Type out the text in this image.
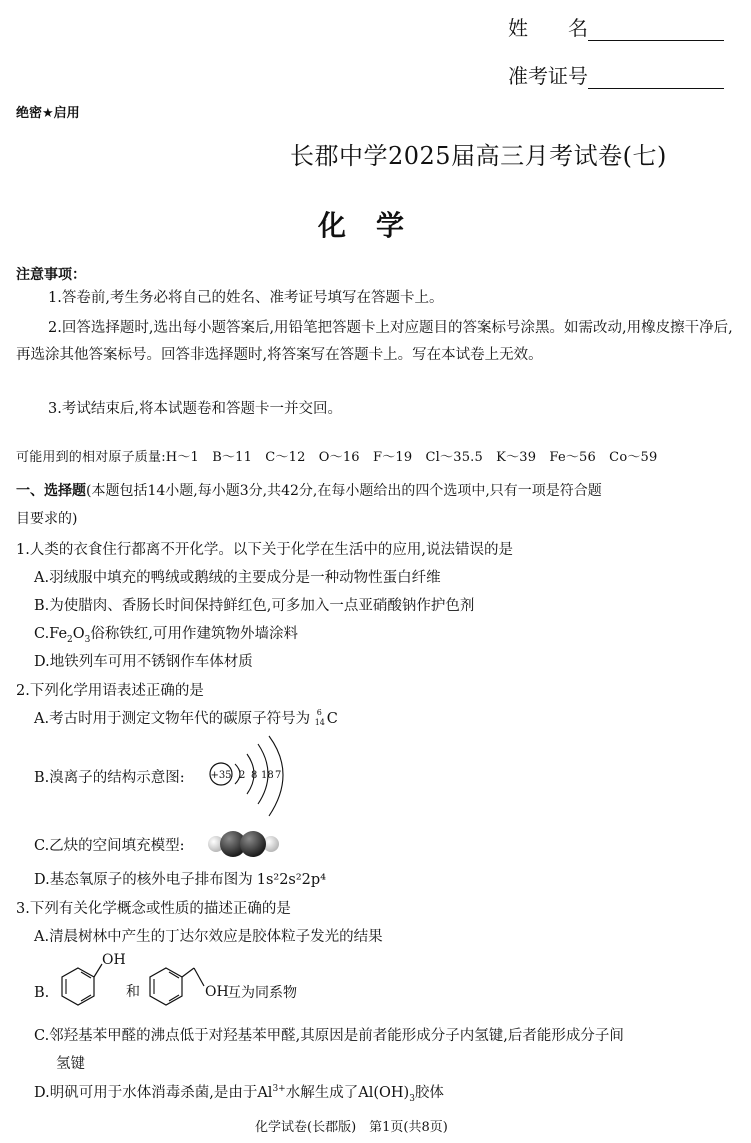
姓　　名
准考证号
绝密★启用
长郡中学2025届高三月考试卷(七)
化学
注意事项：
1.答卷前,考生务必将自己的姓名、准考证号填写在答题卡上。
2.回答选择题时,选出每小题答案后,用铅笔把答题卡上对应题目的答案标号涂黑。如需改动,用橡皮擦干净后,再选涂其他答案标号。回答非选择题时,将答案写在答题卡上。写在本试卷上无效。
3.考试结束后,将本试题卷和答题卡一并交回。
可能用到的相对原子质量:H～1　B～11　C～12　O～16　F～19　Cl～35.5　K～39　Fe～56　Co～59
一、选择题(本题包括14小题,每小题3分,共42分,在每小题给出的四个选项中,只有一项是符合题
目要求的)
1.人类的衣食住行都离不开化学。以下关于化学在生活中的应用,说法错误的是
A.羽绒服中填充的鸭绒或鹅绒的主要成分是一种动物性蛋白纤维
B.为使腊肉、香肠长时间保持鲜红色,可多加入一点亚硝酸钠作护色剂
$C.Fe_2O_3$俗称铁红,可用作建筑物外墙涂料
D.地铁列车可用不锈钢作车体材质
2.下列化学用语表述正确的是
A.考古时用于测定文物年代的碳原子符号为 6
14 C
B.溴离子的结构示意图:	+35 2 8 18 7
C.乙炔的空间填充模型:
D.基态氧原子的核外电子排布图为 1s²2s²2p⁴
3.下列有关化学概念或性质的描述正确的是
A.清晨树林中产生的丁达尔效应是胶体粒子发光的结果
B.
OH
和	OH
互为同系物
C.邻羟基苯甲醛的沸点低于对羟基苯甲醛,其原因是前者能形成分子内氢键,后者能形成分子间
氢键
D.明矾可用于水体消毒杀菌,是由于$Al^{3+}$水解生成了$Al(OH)_3$胶体
化学试卷(长郡版)　第1页(共8页)
